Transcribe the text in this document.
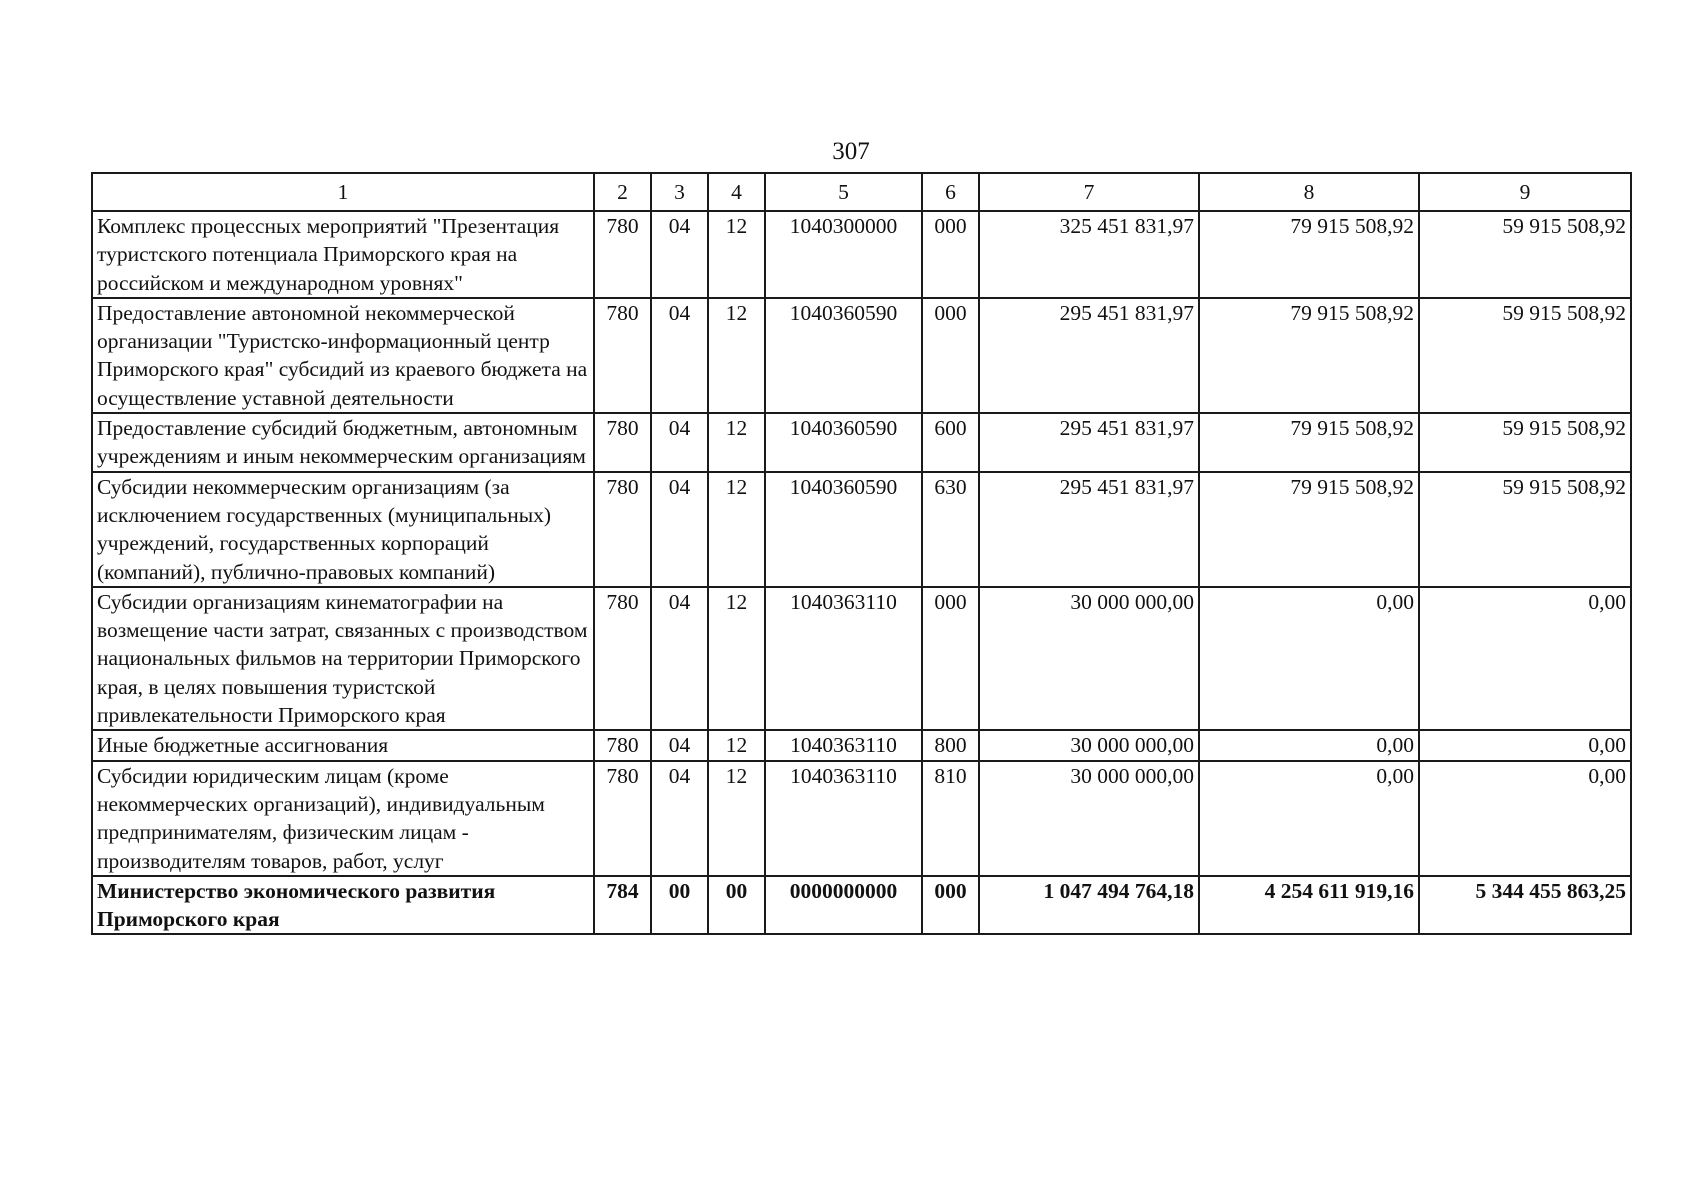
307
1	2	3	4	5	6	7	8	9
Комплекс процессных мероприятий "Презентация туристского потенциала Приморского края на российском и международном уровнях"	780	04	12	1040300000	000	325 451 831,97	79 915 508,92	59 915 508,92
Предоставление автономной некоммерческой организации "Туристско-информационный центр Приморского края" субсидий из краевого бюджета на осуществление уставной деятельности	780	04	12	1040360590	000	295 451 831,97	79 915 508,92	59 915 508,92
Предоставление субсидий бюджетным, автономным учреждениям и иным некоммерческим организациям	780	04	12	1040360590	600	295 451 831,97	79 915 508,92	59 915 508,92
Субсидии некоммерческим организациям (за исключением государственных (муниципальных) учреждений, государственных корпораций (компаний), публично-правовых компаний)	780	04	12	1040360590	630	295 451 831,97	79 915 508,92	59 915 508,92
Субсидии организациям кинематографии на возмещение части затрат, связанных с производством национальных фильмов на территории Приморского края, в целях повышения туристской привлекательности Приморского края	780	04	12	1040363110	000	30 000 000,00	0,00	0,00
Иные бюджетные ассигнования	780	04	12	1040363110	800	30 000 000,00	0,00	0,00
Субсидии юридическим лицам (кроме некоммерческих организаций), индивидуальным предпринимателям, физическим лицам - производителям товаров, работ, услуг	780	04	12	1040363110	810	30 000 000,00	0,00	0,00
Министерство экономического развития Приморского края	784	00	00	0000000000	000	1 047 494 764,18	4 254 611 919,16	5 344 455 863,25
